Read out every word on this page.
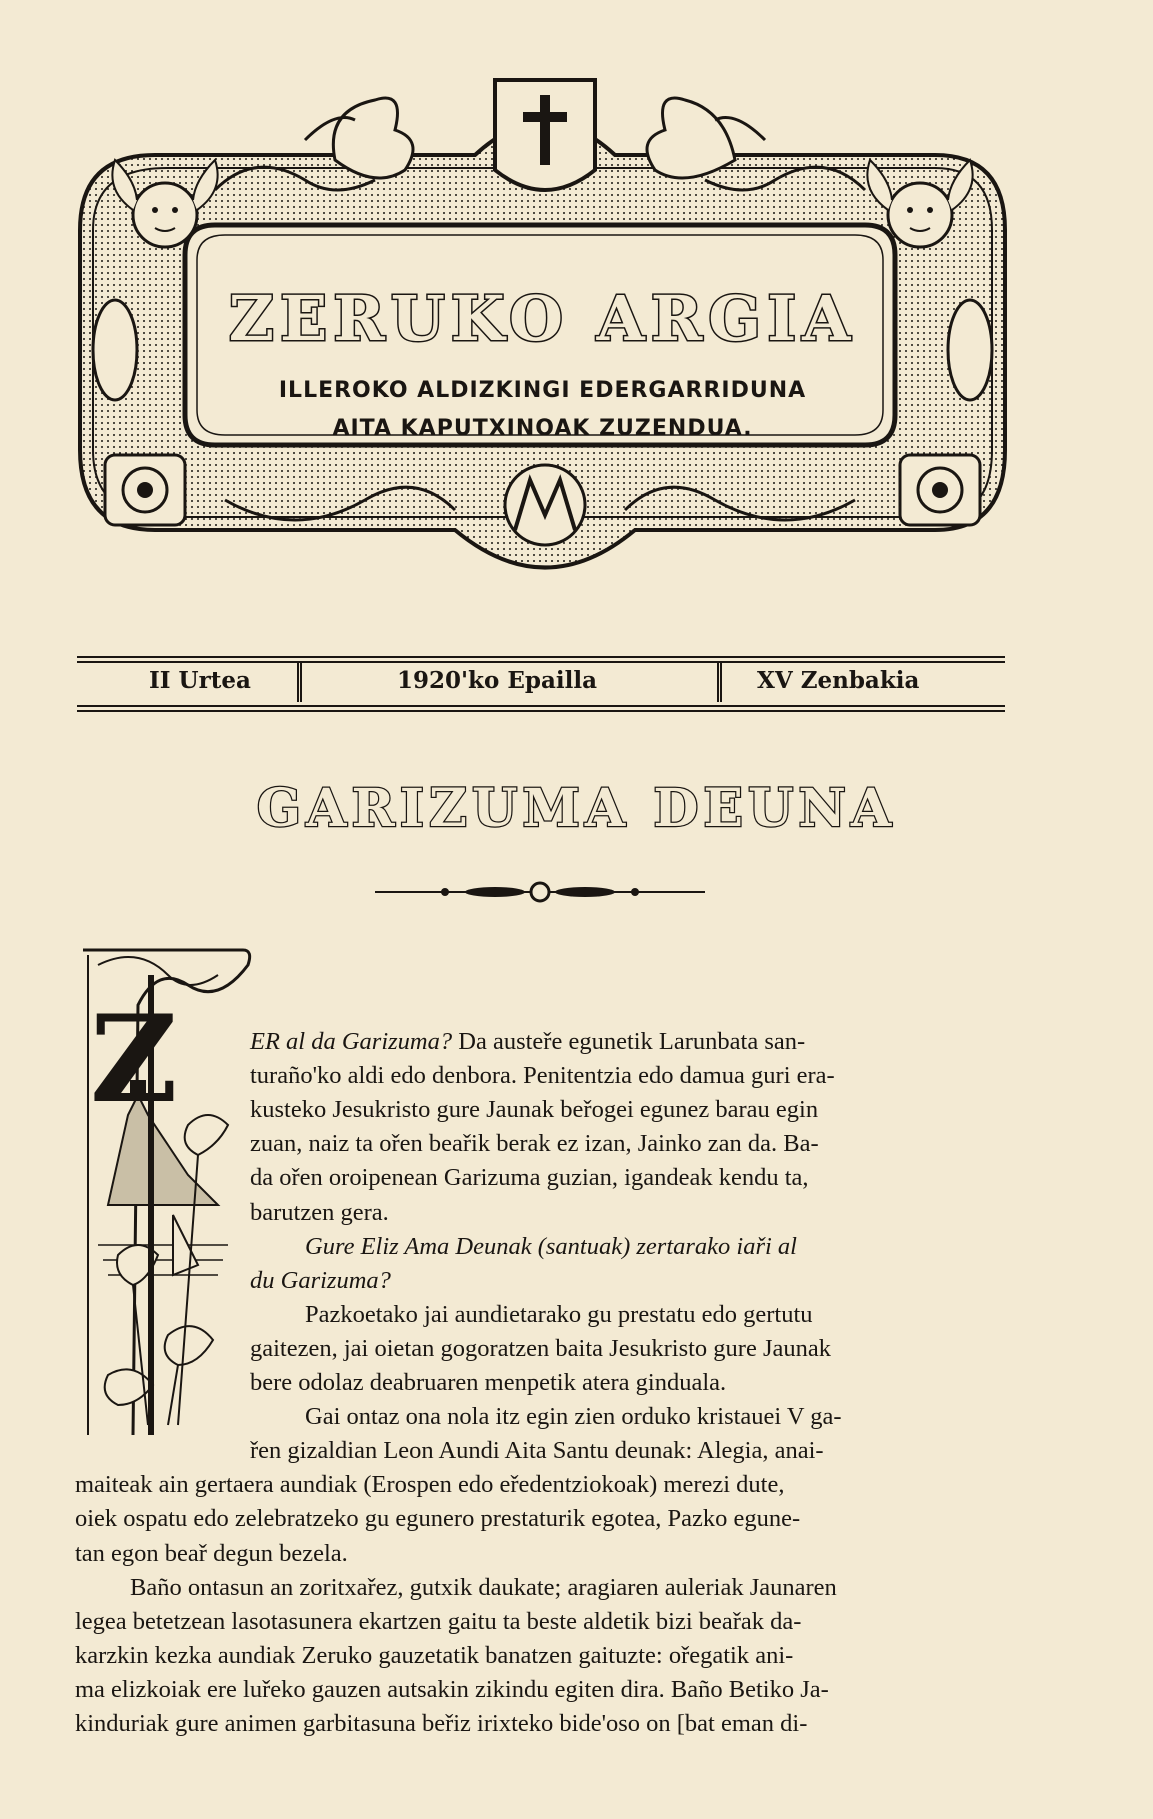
ZERUKO ARGIA
ILLEROKO ALDIZKINGI EDERGARRIDUNA
AITA KAPUTXINOAK ZUZENDUA.
II Urtea	1920'ko Epailla	XV Zenbakia
GARIZUMA DEUNA
Z	ER al da Garizuma? Da austeře egunetik Larunbata san-
turaño'ko aldi edo denbora. Penitentzia edo damua guri era-
kusteko Jesukristo gure Jaunak beřogei egunez barau egin
zuan, naiz ta ořen beařik berak ez izan, Jainko zan da. Ba-
da ořen oroipenean Garizuma guzian, igandeak kendu ta,
barutzen gera.
Gure Eliz Ama Deunak (santuak) zertarako iaři al
du Garizuma?
Pazkoetako jai aundietarako gu prestatu edo gertutu
gaitezen, jai oietan gogoratzen baita Jesukristo gure Jaunak
bere odolaz deabruaren menpetik atera ginduala.
Gai ontaz ona nola itz egin zien orduko kristauei V ga-
řen gizaldian Leon Aundi Aita Santu deunak: Alegia, anai-
maiteak ain gertaera aundiak (Erospen edo eředentziokoak) merezi dute,
oiek ospatu edo zelebratzeko gu egunero prestaturik egotea, Pazko egune-
tan egon beař degun bezela.
Baño ontasun an zoritxařez, gutxik daukate; aragiaren auleriak Jaunaren
legea betetzean lasotasunera ekartzen gaitu ta beste aldetik bizi beařak da-
karzkin kezka aundiak Zeruko gauzetatik banatzen gaituzte: ořegatik ani-
ma elizkoiak ere luřeko gauzen autsakin zikindu egiten dira. Baño Betiko Ja-
kinduriak gure animen garbitasuna beřiz irixteko bide'oso on [bat eman di-
